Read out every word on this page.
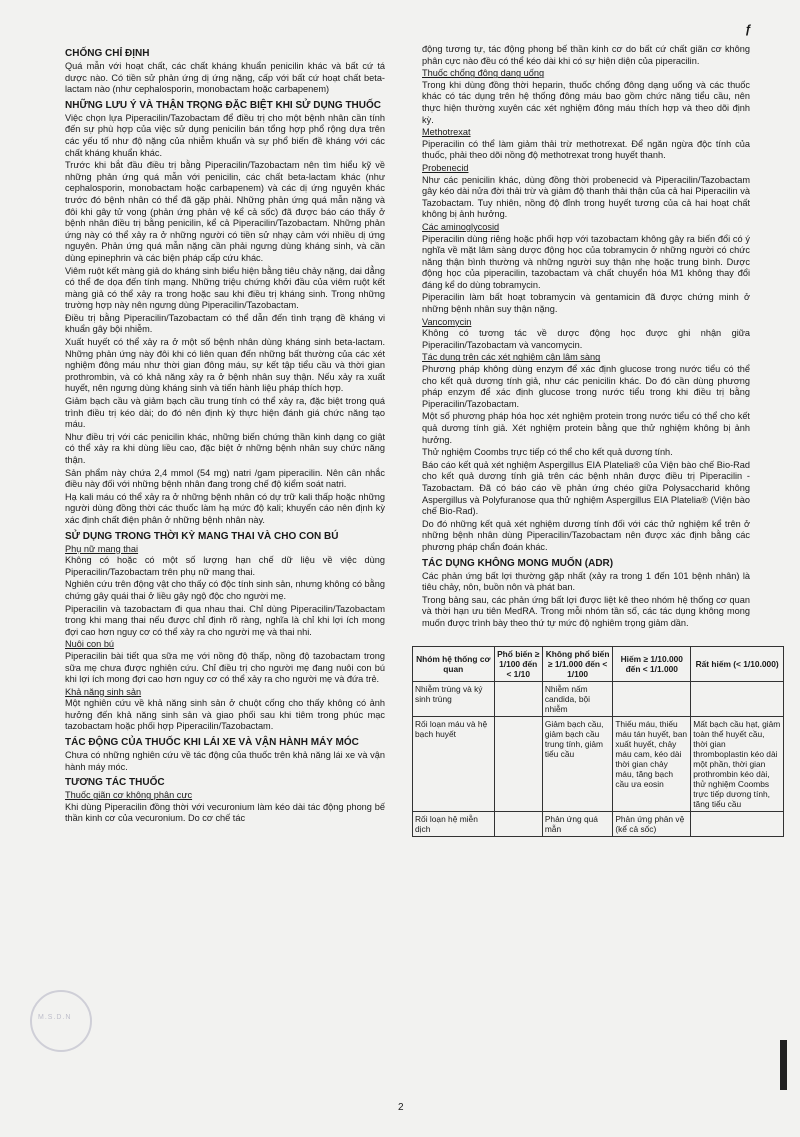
ƒ
CHỐNG CHỈ ĐỊNH

Quá mẫn với hoạt chất, các chất kháng khuẩn penicilin khác và bất cứ tá dược nào. Có tiền sử phản ứng dị ứng nặng, cấp với bất cứ hoạt chất beta-lactam nào (như cephalosporin, monobactam hoặc carbapenem)

NHỮNG LƯU Ý VÀ THẬN TRỌNG ĐẶC BIỆT KHI SỬ DỤNG THUỐC

Việc chọn lựa Piperacilin/Tazobactam để điều trị cho một bệnh nhân cần tính đến sự phù hợp của việc sử dụng penicilin bán tổng hợp phổ rộng dựa trên các yếu tố như độ nặng của nhiễm khuẩn và sự phổ biến đề kháng với các chất kháng khuẩn khác.

Trước khi bắt đầu điều trị bằng Piperacilin/Tazobactam nên tìm hiểu kỹ về những phản ứng quá mẫn với penicilin, các chất beta-lactam khác (như cephalosporin, monobactam hoặc carbapenem) và các dị ứng nguyên khác trước đó bệnh nhân có thể đã gặp phải. Những phản ứng quá mẫn nặng và đôi khi gây tử vong (phản ứng phản vệ kể cả sốc) đã được báo cáo thấy ở bệnh nhân điều trị bằng penicilin, kể cả Piperacilin/Tazobactam. Những phản ứng này có thể xảy ra ở những người có tiền sử nhạy cảm với nhiều dị ứng nguyên. Phản ứng quá mẫn nặng cần phải ngưng dùng kháng sinh, và cần dùng epinephrin và các biện pháp cấp cứu khác.

Viêm ruột kết màng giả do kháng sinh biểu hiện bằng tiêu chảy nặng, dai dẳng có thể đe dọa đến tính mạng. Những triệu chứng khởi đầu của viêm ruột kết màng giả có thể xảy ra trong hoặc sau khi điều trị kháng sinh. Trong những trường hợp này nên ngưng dùng Piperacilin/Tazobactam.

Điều trị bằng Piperacilin/Tazobactam có thể dẫn đến tình trạng đề kháng vi khuẩn gây bội nhiễm.

Xuất huyết có thể xảy ra ở một số bệnh nhân dùng kháng sinh beta-lactam. Những phản ứng này đôi khi có liên quan đến những bất thường của các xét nghiệm đông máu như thời gian đông máu, sự kết tập tiểu cầu và thời gian prothrombin, và có khả năng xảy ra ở bệnh nhân suy thận. Nếu xảy ra xuất huyết, nên ngưng dùng kháng sinh và tiến hành liệu pháp thích hợp.

Giảm bạch cầu và giảm bạch cầu trung tính có thể xảy ra, đặc biệt trong quá trình điều trị kéo dài; do đó nên định kỳ thực hiện đánh giá chức năng tạo máu.

Như điều trị với các penicilin khác, những biến chứng thần kinh dạng co giật có thể xảy ra khi dùng liều cao, đặc biệt ở những bệnh nhân suy chức năng thận.

Sản phẩm này chứa 2,4 mmol (54 mg) natri /gam piperacilin. Nên cân nhắc điều này đối với những bệnh nhân đang trong chế độ kiểm soát natri.

Hạ kali máu có thể xảy ra ở những bệnh nhân có dự trữ kali thấp hoặc những người dùng đồng thời các thuốc làm hạ mức độ kali; khuyến cáo nên định kỳ xác định chất điện phân ở những bệnh nhân này.

SỬ DỤNG TRONG THỜI KỲ MANG THAI VÀ CHO CON BÚ
Phụ nữ mang thai

Không có hoặc có một số lượng hạn chế dữ liệu về việc dùng Piperacilin/Tazobactam trên phụ nữ mang thai.

Nghiên cứu trên động vật cho thấy có độc tính sinh sản, nhưng không có bằng chứng gây quái thai ở liều gây ngộ độc cho người mẹ.

Piperacilin và tazobactam đi qua nhau thai. Chỉ dùng Piperacilin/Tazobactam trong khi mang thai nếu được chỉ định rõ ràng, nghĩa là chỉ khi lợi ích mong đợi cao hơn nguy cơ có thể xảy ra cho người mẹ và thai nhi.

Nuôi con bú

Piperacilin bài tiết qua sữa mẹ với nồng độ thấp, nồng độ tazobactam trong sữa mẹ chưa được nghiên cứu. Chỉ điều trị cho người mẹ đang nuôi con bú khi lợi ích mong đợi cao hơn nguy cơ có thể xảy ra cho người mẹ và đứa trẻ.

Khả năng sinh sản

Một nghiên cứu về khả năng sinh sản ở chuột cống cho thấy không có ảnh hưởng đến khả năng sinh sản và giao phối sau khi tiêm trong phúc mạc tazobactam hoặc phối hợp Piperacilin/Tazobactam.

TÁC ĐỘNG CỦA THUỐC KHI LÁI XE VÀ VẬN HÀNH MÁY MÓC

Chưa có những nghiên cứu về tác động của thuốc trên khả năng lái xe và vận hành máy móc.

TƯƠNG TÁC THUỐC
Thuốc giãn cơ không phân cực

Khi dùng Piperacilin đồng thời với vecuronium làm kéo dài tác động phong bế thần kinh cơ của vecuronium. Do cơ chế tác

động tương tự, tác động phong bế thần kinh cơ do bất cứ chất giãn cơ không phân cực nào đều có thể kéo dài khi có sự hiện diện của piperacilin.

Thuốc chống đông dạng uống

Trong khi dùng đồng thời heparin, thuốc chống đông dạng uống và các thuốc khác có tác dụng trên hệ thống đông máu bao gồm chức năng tiểu cầu, nên thực hiện thường xuyên các xét nghiệm đông máu thích hợp và theo dõi định kỳ.

Methotrexat

Piperacilin có thể làm giảm thải trừ methotrexat. Để ngăn ngừa độc tính của thuốc, phải theo dõi nồng độ methotrexat trong huyết thanh.

Probenecid

Như các penicilin khác, dùng đồng thời probenecid và Piperacilin/Tazobactam gây kéo dài nửa đời thải trừ và giảm độ thanh thải thận của cả hai Piperacilin và Tazobactam. Tuy nhiên, nồng độ đỉnh trong huyết tương của cả hai hoạt chất không bị ảnh hưởng.

Các aminoglycosid

Piperacilin dùng riêng hoặc phối hợp với tazobactam không gây ra biến đổi có ý nghĩa về mặt lâm sàng dược động học của tobramycin ở những người có chức năng thận bình thường và những người suy thận nhẹ hoặc trung bình. Dược động học của piperacilin, tazobactam và chất chuyển hóa M1 không thay đổi đáng kể do dùng tobramycin.

Piperacilin làm bất hoạt tobramycin và gentamicin đã được chứng minh ở những bệnh nhân suy thận nặng.

Vancomycin

Không có tương tác về dược động học được ghi nhận giữa Piperacilin/Tazobactam và vancomycin.

Tác dụng trên các xét nghiệm cận lâm sàng

Phương pháp không dùng enzym để xác định glucose trong nước tiểu có thể cho kết quả dương tính giả, như các penicilin khác. Do đó cần dùng phương pháp enzym để xác định glucose trong nước tiểu trong khi điều trị bằng Piperacilin/Tazobactam.

Một số phương pháp hóa học xét nghiệm protein trong nước tiểu có thể cho kết quả dương tính giả. Xét nghiệm protein bằng que thử nghiệm không bị ảnh hưởng.

Thử nghiệm Coombs trực tiếp có thể cho kết quả dương tính.

Báo cáo kết quả xét nghiệm Aspergillus EIA Platelia® của Viện bào chế Bio-Rad cho kết quả dương tính giả trên các bệnh nhân được điều trị Piperacilin - Tazobactam. Đã có báo cáo về phản ứng chéo giữa Polysaccharid không Aspergillus và Polyfuranose qua thử nghiệm Aspergillus EIA Platelia® (Viện bào chế Bio-Rad).

Do đó những kết quả xét nghiệm dương tính đối với các thử nghiệm kể trên ở những bệnh nhân dùng Piperacilin/Tazobactam nên được xác định bằng các phương pháp chẩn đoán khác.

TÁC DỤNG KHÔNG MONG MUỐN (ADR)

Các phản ứng bất lợi thường gặp nhất (xảy ra trong 1 đến 101 bệnh nhân) là tiêu chảy, nôn, buồn nôn và phát ban.

Trong bảng sau, các phản ứng bất lợi được liệt kê theo nhóm hệ thống cơ quan và thời hạn ưu tiên MedRA. Trong mỗi nhóm tần số, các tác dụng không mong muốn được trình bày theo thứ tự mức độ nghiêm trọng giảm dần.

Nhóm hệ thống cơ quan	Phổ biến ≥ 1/100 đến < 1/10	Không phổ biến ≥ 1/1.000 đến < 1/100	Hiếm ≥ 1/10.000 đến < 1/1.000	Rất hiếm (< 1/10.000)
Nhiễm trùng và ký sinh trùng		Nhiễm nấm candida, bội nhiễm		
Rối loạn máu và hệ bạch huyết		Giảm bạch cầu, giảm bạch cầu trung tính, giảm tiểu cầu	Thiếu máu, thiếu máu tán huyết, ban xuất huyết, chảy máu cam, kéo dài thời gian chảy máu, tăng bạch cầu ưa eosin	Mất bạch cầu hạt, giảm toàn thể huyết cầu, thời gian thromboplastin kéo dài một phần, thời gian prothrombin kéo dài, thử nghiệm Coombs trực tiếp dương tính, tăng tiểu cầu
Rối loạn hệ miễn dịch		Phản ứng quá mẫn	Phản ứng phản vệ (kể cả sốc)	
M.S.D.N
2
